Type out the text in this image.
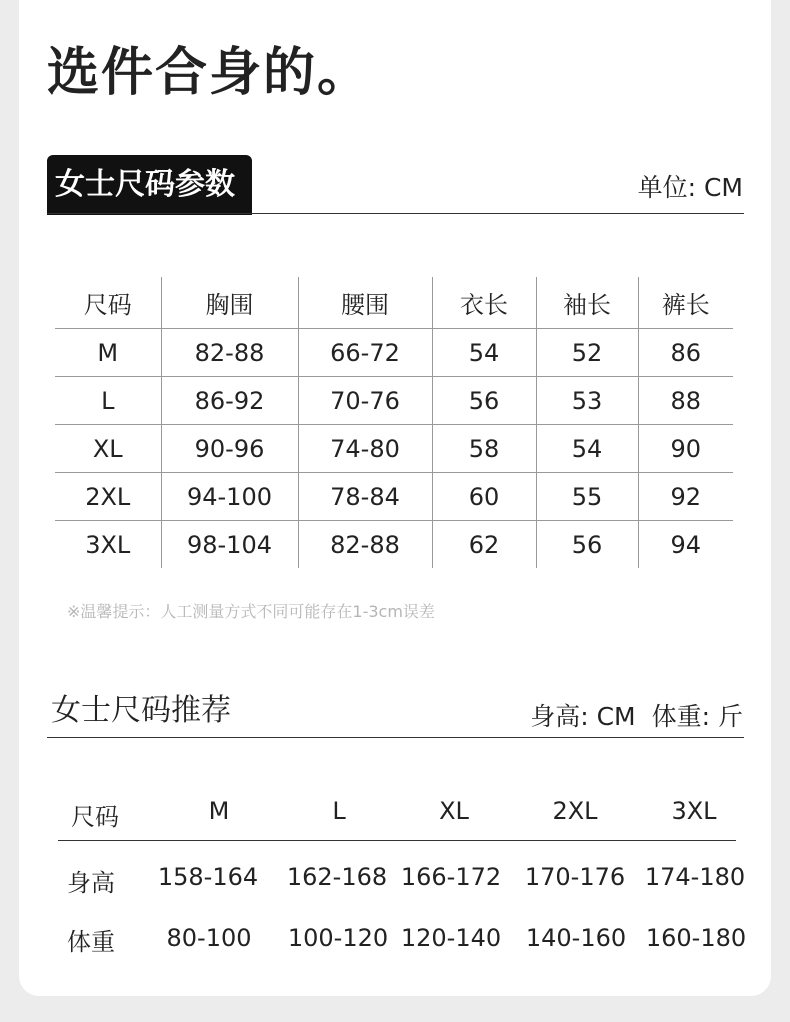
选件合身的。
女士尺码参数	单位: CM
尺码	胸围	腰围	衣长	袖长	裤长
M	82-88	66-72	54	52	86
L	86-92	70-76	56	53	88
XL	90-96	74-80	58	54	90
2XL	94-100	78-84	60	55	92
3XL	98-104	82-88	62	56	94
※温馨提示：人工测量方式不同可能存在1-3cm误差
女士尺码推荐	身高: CM 体重: 斤
尺码	M	L	XL	2XL	3XL
身高 158-164 162-168 166-172 170-176 174-180
体重 80-100 100-120 120-140 140-160 160-180
